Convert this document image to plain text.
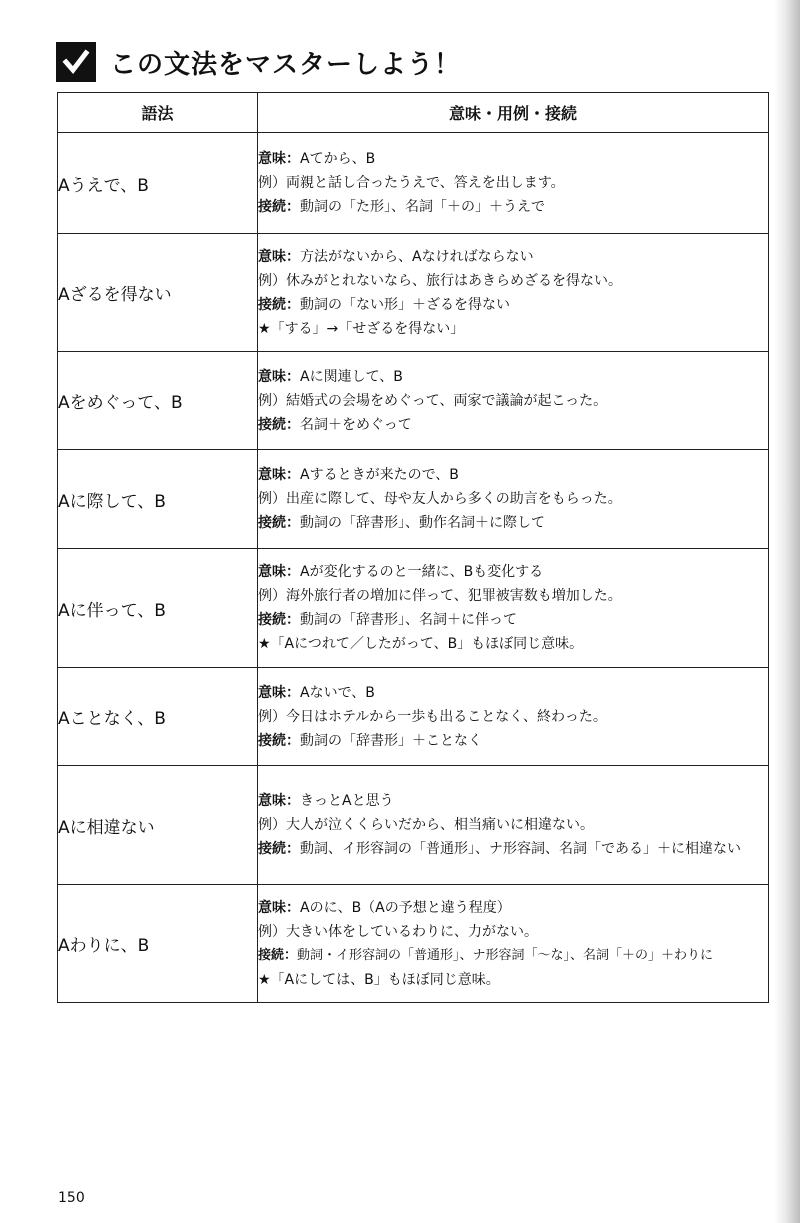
この文法をマスターしよう！
語法	意味・用例・接続
Aうえで、B	意味：Aてから、B
例）両親と話し合ったうえで、答えを出します。
接続：動詞の「た形」、名詞「＋の」＋うえで

Aざるを得ない	意味：方法がないから、Aなければならない
例）休みがとれないなら、旅行はあきらめざるを得ない。
接続：動詞の「ない形」＋ざるを得ない
★「する」→「せざるを得ない」

Aをめぐって、B	意味：Aに関連して、B
例）結婚式の会場をめぐって、両家で議論が起こった。
接続：名詞＋をめぐって

Aに際して、B	意味：Aするときが来たので、B
例）出産に際して、母や友人から多くの助言をもらった。
接続：動詞の「辞書形」、動作名詞＋に際して

Aに伴って、B	意味：Aが変化するのと一緒に、Bも変化する
例）海外旅行者の増加に伴って、犯罪被害数も増加した。
接続：動詞の「辞書形」、名詞＋に伴って
★「Aにつれて／したがって、B」もほぼ同じ意味。

Aことなく、B	意味：Aないで、B
例）今日はホテルから一歩も出ることなく、終わった。
接続：動詞の「辞書形」＋ことなく

Aに相違ない	意味：きっとAと思う
例）大人が泣くくらいだから、相当痛いに相違ない。
接続：動詞、イ形容詞の「普通形」、ナ形容詞、名詞「である」＋に相違ない

Aわりに、B	意味：Aのに、B（Aの予想と違う程度）
例）大きい体をしているわりに、力がない。
接続：動詞・イ形容詞の「普通形」、ナ形容詞「〜な」、名詞「＋の」＋わりに
★「Aにしては、B」もほぼ同じ意味。
150
